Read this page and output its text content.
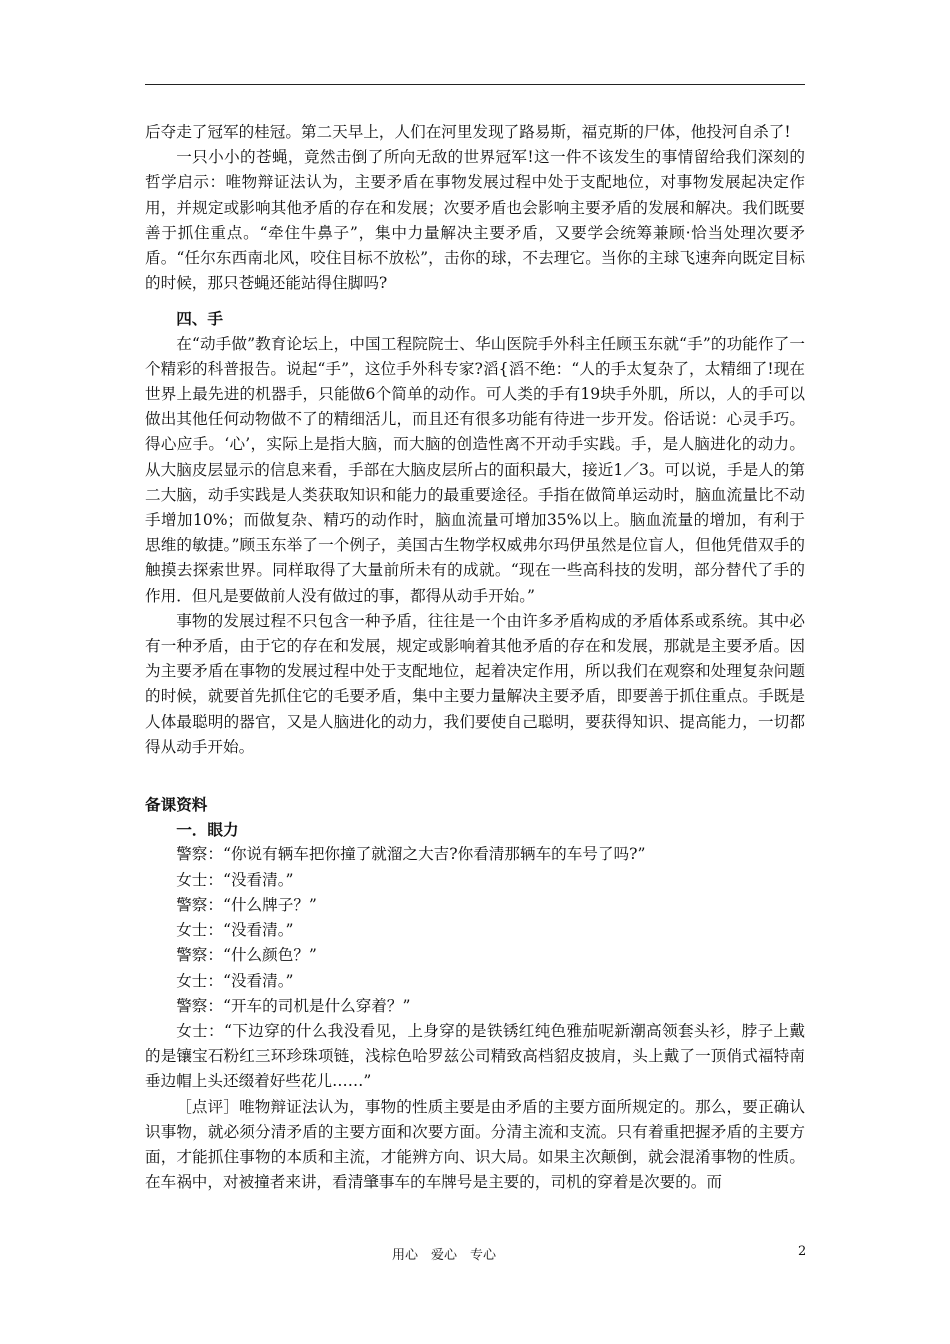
后夺走了冠军的桂冠。第二天早上，人们在河里发现了路易斯，福克斯的尸体，他投河自杀了!

一只小小的苍蝇，竟然击倒了所向无敌的世界冠军!这一件不该发生的事情留给我们深刻的哲学启示：唯物辩证法认为，主要矛盾在事物发展过程中处于支配地位，对事物发展起决定作用，并规定或影响其他矛盾的存在和发展；次要矛盾也会影响主要矛盾的发展和解决。我们既要善于抓住重点。“牵住牛鼻子”，集中力量解决主要矛盾，又要学会统筹兼顾·恰当处理次要矛盾。“任尔东西南北风，咬住目标不放松”，击你的球，不去理它。当你的主球飞速奔向既定目标的时候，那只苍蝇还能站得住脚吗?

四、手

在“动手做”教育论坛上，中国工程院院士、华山医院手外科主任顾玉东就“手”的功能作了一个精彩的科普报告。说起“手”，这位手外科专家?滔{滔不绝：“人的手太复杂了，太精细了!现在世界上最先进的机器手，只能做6个简单的动作。可人类的手有19块手外肌，所以，人的手可以做出其他任何动物做不了的精细活儿，而且还有很多功能有待进一步开发。俗话说：心灵手巧。得心应手。‘心’，实际上是指大脑，而大脑的创造性离不开动手实践。手，是人脑进化的动力。从大脑皮层显示的信息来看，手部在大脑皮层所占的面积最大，接近1／3。可以说，手是人的第二大脑，动手实践是人类获取知识和能力的最重要途径。手指在做简单运动时，脑血流量比不动手增加10%；而做复杂、精巧的动作时，脑血流量可增加35%以上。脑血流量的增加，有利于思维的敏捷。”顾玉东举了一个例子，美国古生物学权威弗尔玛伊虽然是位盲人，但他凭借双手的触摸去探索世界。同样取得了大量前所未有的成就。“现在一些高科技的发明，部分替代了手的作用．但凡是要做前人没有做过的事，都得从动手开始。”

事物的发展过程不只包含一种予盾，往往是一个由许多矛盾构成的矛盾体系或系统。其中必有一种矛盾，由于它的存在和发展，规定或影响着其他矛盾的存在和发展，那就是主要矛盾。因为主要矛盾在事物的发展过程中处于支配地位，起着决定作用，所以我们在观察和处理复杂问题的时候，就要首先抓住它的毛要矛盾，集中主要力量解决主要矛盾，即要善于抓住重点。手既是人体最聪明的器官，又是人脑进化的动力，我们要使自己聪明，要获得知识、提高能力，一切都得从动手开始。

备课资料

一．眼力

警察：“你说有辆车把你撞了就溜之大吉?你看清那辆车的车号了吗?”

女士：“没看清。”

警察：“什么牌子？”

女士：“没看清。”

警察：“什么颜色？”

女士：“没看清。”

警察：“开车的司机是什么穿着？”

女士：“下边穿的什么我没看见，上身穿的是铁锈红纯色雅茄呢新潮高领套头衫，脖子上戴的是镶宝石粉红三环珍珠项链，浅棕色哈罗兹公司精致高档貂皮披肩，头上戴了一顶俏式福特南垂边帽上头还缀着好些花儿……”

［点评］唯物辩证法认为，事物的性质主要是由矛盾的主要方面所规定的。那么，要正确认识事物，就必须分清矛盾的主要方面和次要方面。分清主流和支流。只有着重把握矛盾的主要方面，才能抓住事物的本质和主流，才能辨方向、识大局。如果主次颠倒，就会混淆事物的性质。在车祸中，对被撞者来讲，看清肇事车的车牌号是主要的，司机的穿着是次要的。而

用心　爱心　专心	2
